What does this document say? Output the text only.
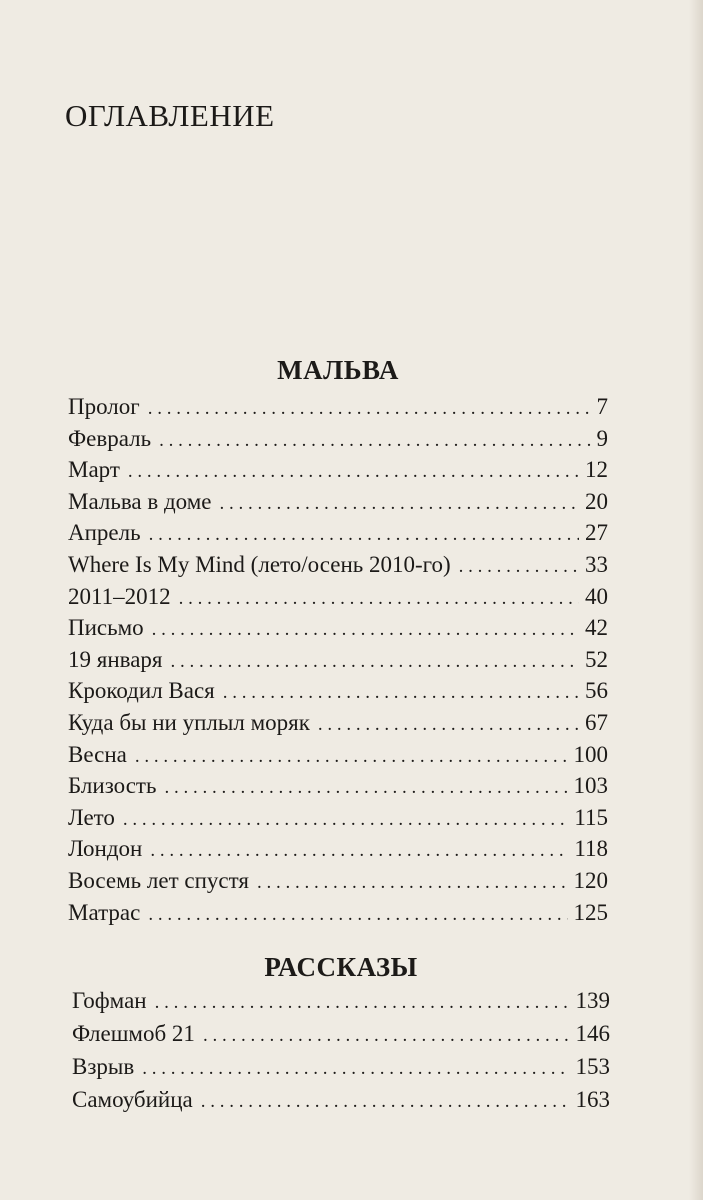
ОГЛАВЛЕНИЕ
МАЛЬВА
Пролог . . .	7
Февраль . . .	9
Март . . .	12
Мальва в доме . . .	20
Апрель . . .	27
Where Is My Mind (лето/осень 2010-го) . . .	33
2011–2012 . . .	40
Письмо . . .	42
19 января . . .	52
Крокодил Вася . . .	56
Куда бы ни уплыл моряк . . .	67
Весна . . .	100
Близость . . .	103
Лето . . .	115
Лондон . . .	118
Восемь лет спустя . . .	120
Матрас . . .	125
РАССКАЗЫ
Гофман . . .	139
Флешмоб 21 . . .	146
Взрыв . . .	153
Самоубийца . . .	163
